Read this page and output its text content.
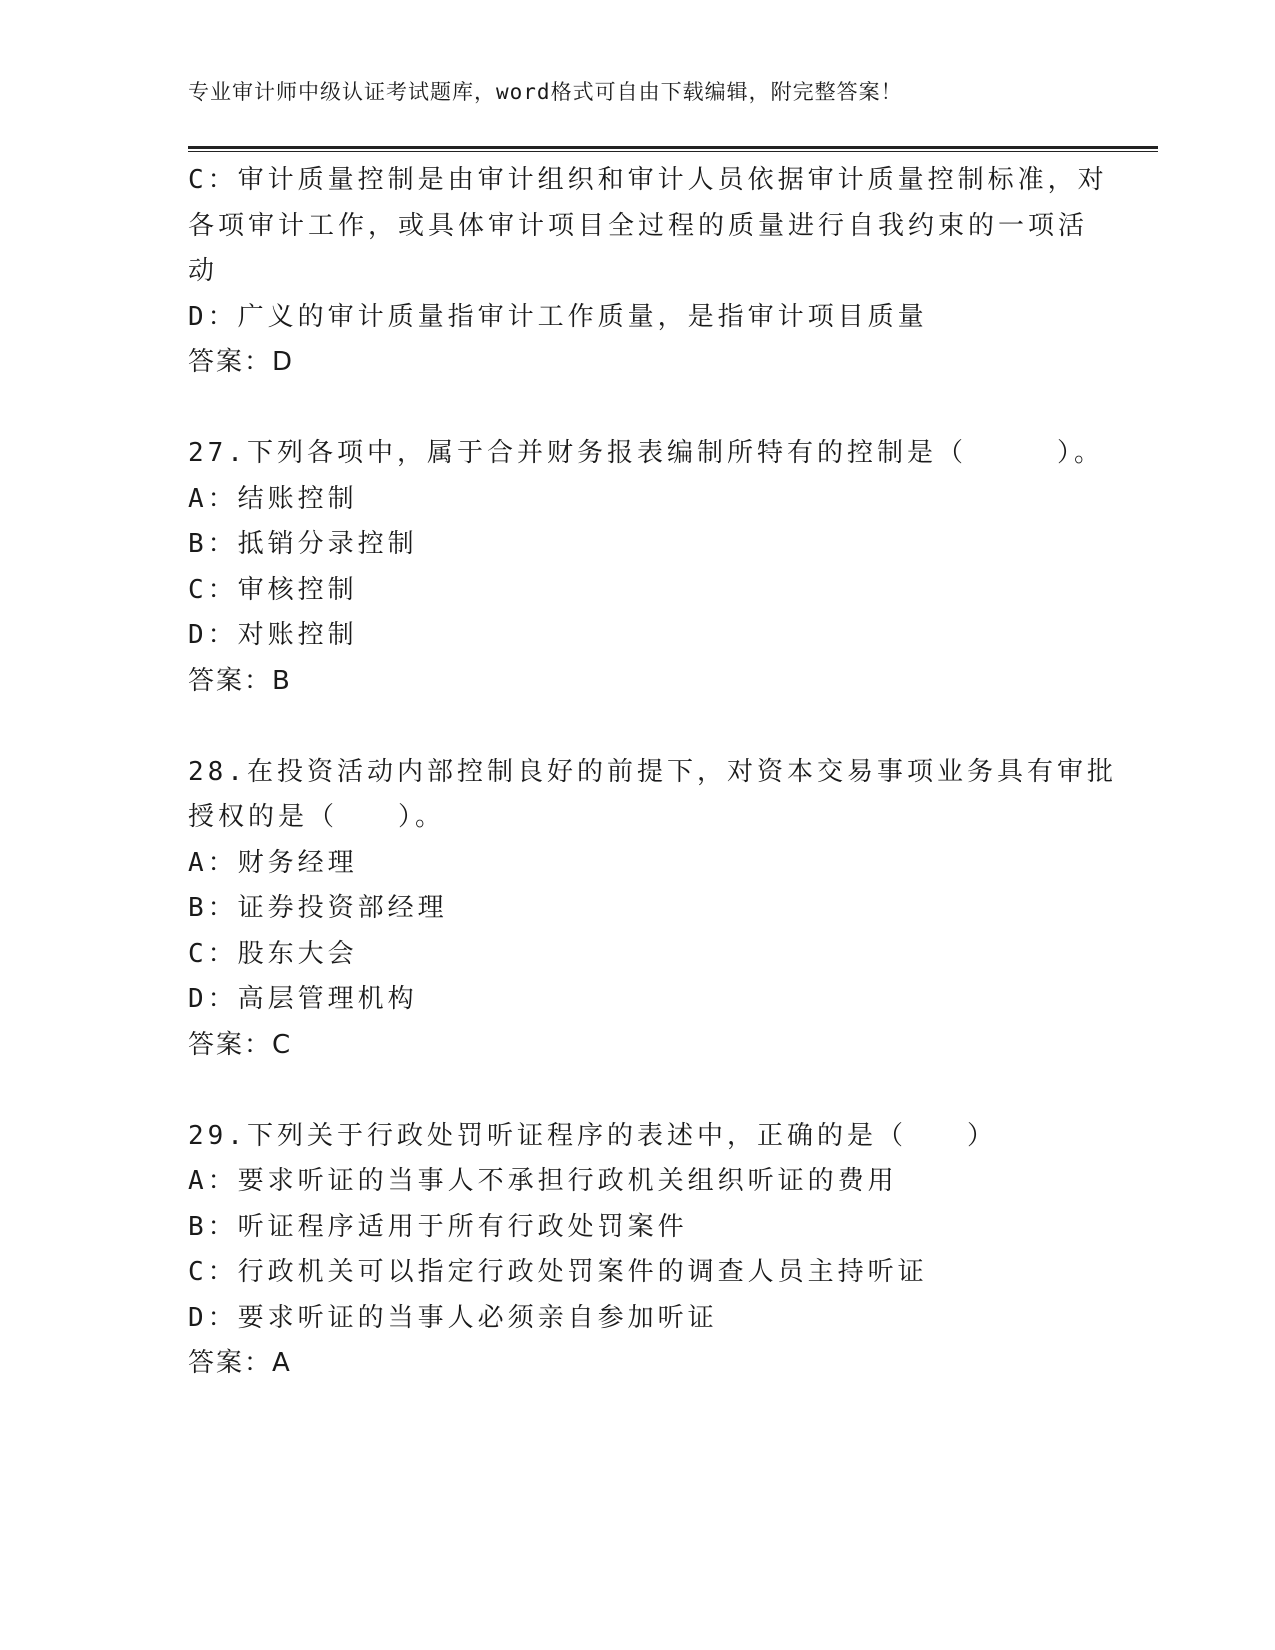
专业审计师中级认证考试题库，word格式可自由下载编辑，附完整答案！
C：审计质量控制是由审计组织和审计人员依据审计质量控制标准，对
各项审计工作，或具体审计项目全过程的质量进行自我约束的一项活
动
D：广义的审计质量指审计工作质量，是指审计项目质量
答案：D
27.下列各项中，属于合并财务报表编制所特有的控制是（　　　）。
A：结账控制
B：抵销分录控制
C：审核控制
D：对账控制
答案：B
28.在投资活动内部控制良好的前提下，对资本交易事项业务具有审批
授权的是（　　）。
A：财务经理
B：证券投资部经理
C：股东大会
D：高层管理机构
答案：C
29.下列关于行政处罚听证程序的表述中，正确的是（　　）
A：要求听证的当事人不承担行政机关组织听证的费用
B：听证程序适用于所有行政处罚案件
C：行政机关可以指定行政处罚案件的调查人员主持听证
D：要求听证的当事人必须亲自参加听证
答案：A
